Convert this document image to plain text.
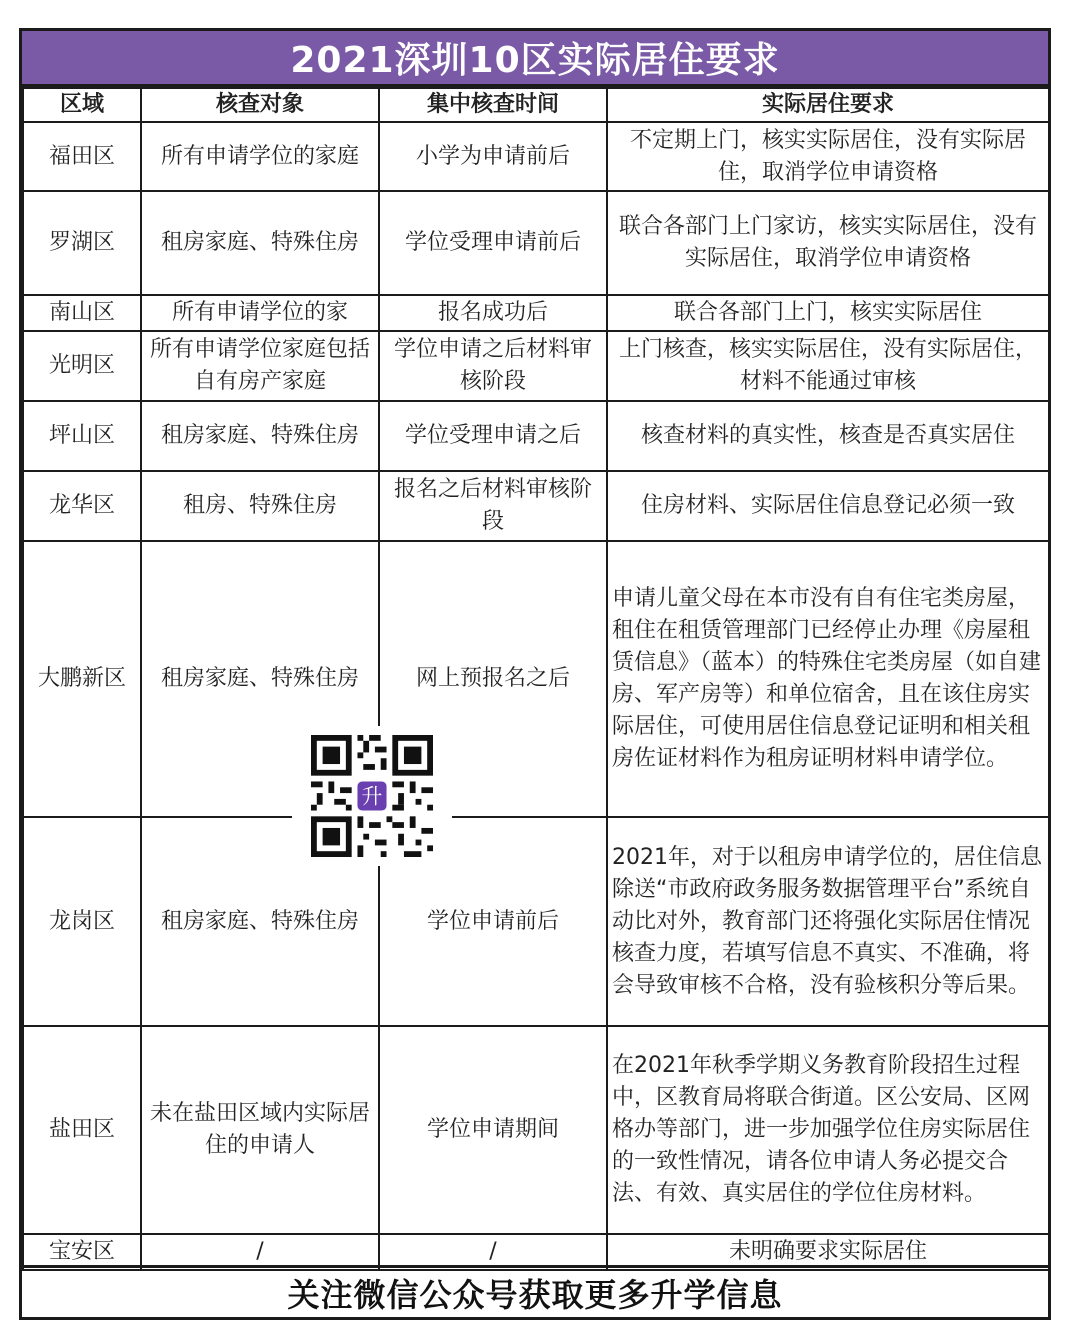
2021深圳10区实际居住要求
区域	核查对象	集中核查时间	实际居住要求
福田区	所有申请学位的家庭	小学为申请前后	不定期上门，核实实际居住，没有实际居住，取消学位申请资格
罗湖区	租房家庭、特殊住房	学位受理申请前后	联合各部门上门家访，核实实际居住，没有实际居住，取消学位申请资格
南山区	所有申请学位的家	报名成功后	联合各部门上门，核实实际居住
光明区	所有申请学位家庭包括自有房产家庭	学位申请之后材料审核阶段	上门核查，核实实际居住，没有实际居住，材料不能通过审核
坪山区	租房家庭、特殊住房	学位受理申请之后	核查材料的真实性，核查是否真实居住
龙华区	租房、特殊住房	报名之后材料审核阶段	住房材料、实际居住信息登记必须一致
大鹏新区	租房家庭、特殊住房	网上预报名之后	申请儿童父母在本市没有自有住宅类房屋，租住在租赁管理部门已经停止办理《房屋租赁信息》（蓝本）的特殊住宅类房屋（如自建房、军产房等）和单位宿舍，且在该住房实际居住，可使用居住信息登记证明和相关租房佐证材料作为租房证明材料申请学位。
龙岗区	租房家庭、特殊住房	学位申请前后	2021年，对于以租房申请学位的，居住信息除送“市政府政务服务数据管理平台”系统自动比对外，教育部门还将强化实际居住情况核查力度，若填写信息不真实、不准确，将会导致审核不合格，没有验核积分等后果。
盐田区	未在盐田区域内实际居住的申请人	学位申请期间	在2021年秋季学期义务教育阶段招生过程中，区教育局将联合街道。区公安局、区网格办等部门，进一步加强学位住房实际居住的一致性情况，请各位申请人务必提交合法、有效、真实居住的学位住房材料。
宝安区	/	/	未明确要求实际居住
关注微信公众号获取更多升学信息
升
